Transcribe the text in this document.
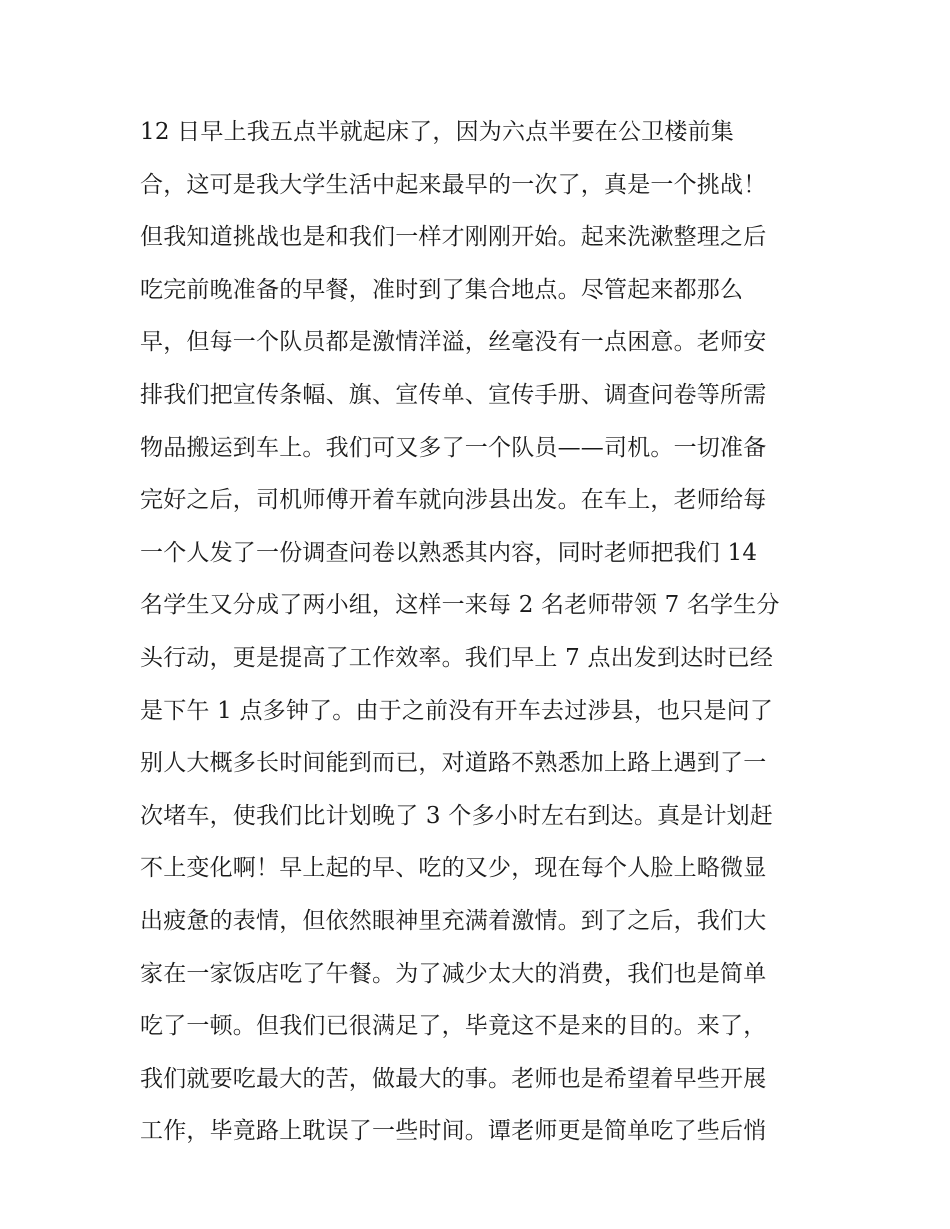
12 日早上我五点半就起床了，因为六点半要在公卫楼前集
合，这可是我大学生活中起来最早的一次了，真是一个挑战！
但我知道挑战也是和我们一样才刚刚开始。起来洗漱整理之后
吃完前晚准备的早餐，准时到了集合地点。尽管起来都那么
早，但每一个队员都是激情洋溢，丝毫没有一点困意。老师安
排我们把宣传条幅、旗、宣传单、宣传手册、调查问卷等所需
物品搬运到车上。我们可又多了一个队员——司机。一切准备
完好之后，司机师傅开着车就向涉县出发。在车上，老师给每
一个人发了一份调查问卷以熟悉其内容，同时老师把我们 14
名学生又分成了两小组，这样一来每 2 名老师带领 7 名学生分
头行动，更是提高了工作效率。我们早上 7 点出发到达时已经
是下午 1 点多钟了。由于之前没有开车去过涉县，也只是问了
别人大概多长时间能到而已，对道路不熟悉加上路上遇到了一
次堵车，使我们比计划晚了 3 个多小时左右到达。真是计划赶
不上变化啊！早上起的早、吃的又少，现在每个人脸上略微显
出疲惫的表情，但依然眼神里充满着激情。到了之后，我们大
家在一家饭店吃了午餐。为了减少太大的消费，我们也是简单
吃了一顿。但我们已很满足了，毕竟这不是来的目的。来了，
我们就要吃最大的苦，做最大的事。老师也是希望着早些开展
工作，毕竟路上耽误了一些时间。谭老师更是简单吃了些后悄
